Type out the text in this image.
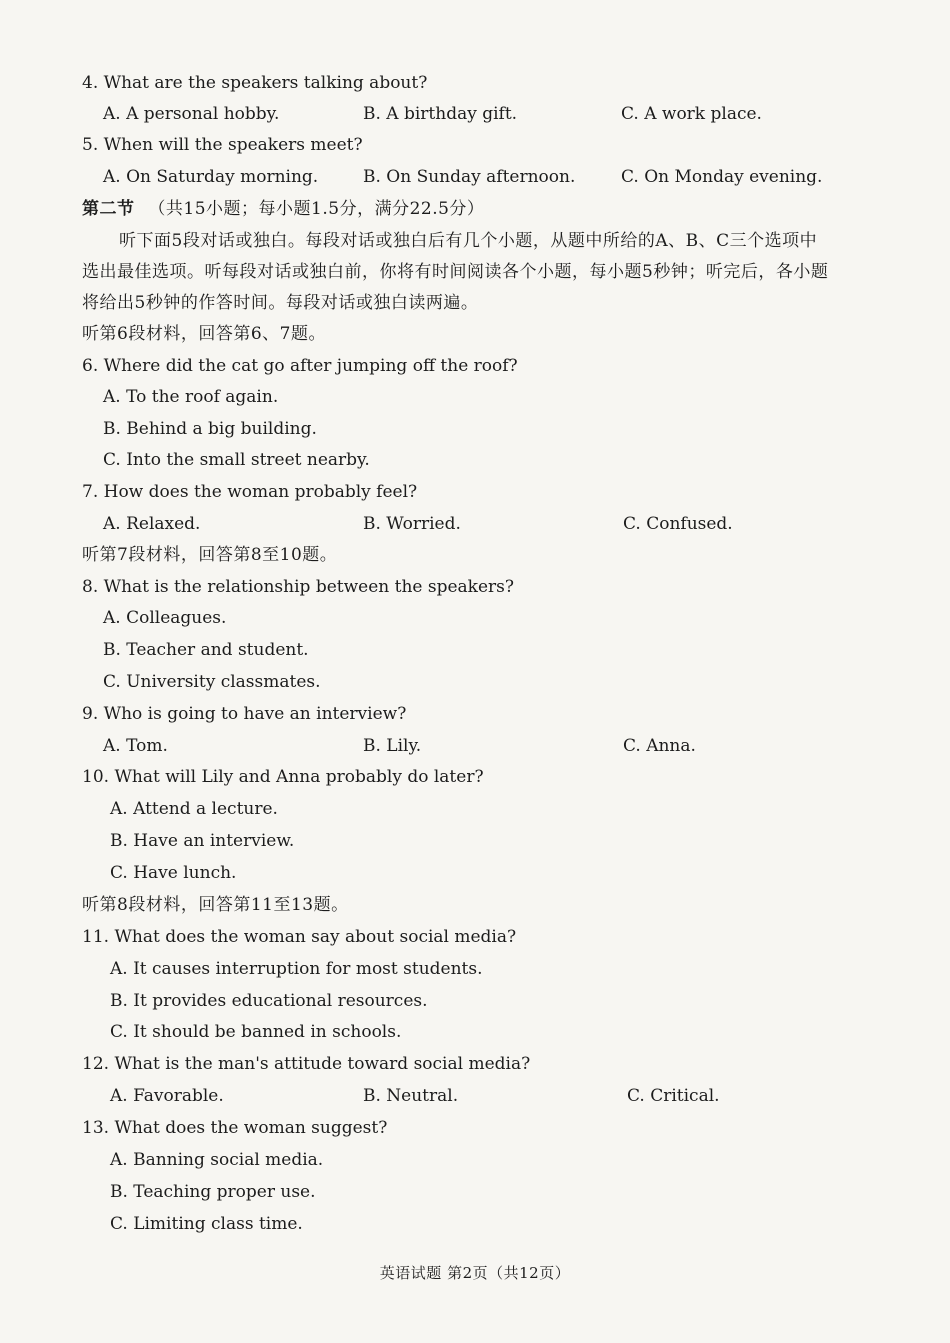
4. What are the speakers talking about?
A. A personal hobby.	B. A birthday gift.	C. A work place.
5. When will the speakers meet?
A. On Saturday morning.	B. On Sunday afternoon.	C. On Monday evening.
第二节 （共15小题；每小题1.5分，满分22.5分）
听下面5段对话或独白。每段对话或独白后有几个小题，从题中所给的A、B、C三个选项中
选出最佳选项。听每段对话或独白前，你将有时间阅读各个小题，每小题5秒钟；听完后，各小题
将给出5秒钟的作答时间。每段对话或独白读两遍。
听第6段材料，回答第6、7题。
6. Where did the cat go after jumping off the roof?
A. To the roof again.
B. Behind a big building.
C. Into the small street nearby.
7. How does the woman probably feel?
A. Relaxed.	B. Worried.	C. Confused.
听第7段材料，回答第8至10题。
8. What is the relationship between the speakers?
A. Colleagues.
B. Teacher and student.
C. University classmates.
9. Who is going to have an interview?
A. Tom.	B. Lily.	C. Anna.
10. What will Lily and Anna probably do later?
A. Attend a lecture.
B. Have an interview.
C. Have lunch.
听第8段材料，回答第11至13题。
11. What does the woman say about social media?
A. It causes interruption for most students.
B. It provides educational resources.
C. It should be banned in schools.
12. What is the man's attitude toward social media?
A. Favorable.	B. Neutral.	C. Critical.
13. What does the woman suggest?
A. Banning social media.
B. Teaching proper use.
C. Limiting class time.
英语试题 第2页（共12页）
